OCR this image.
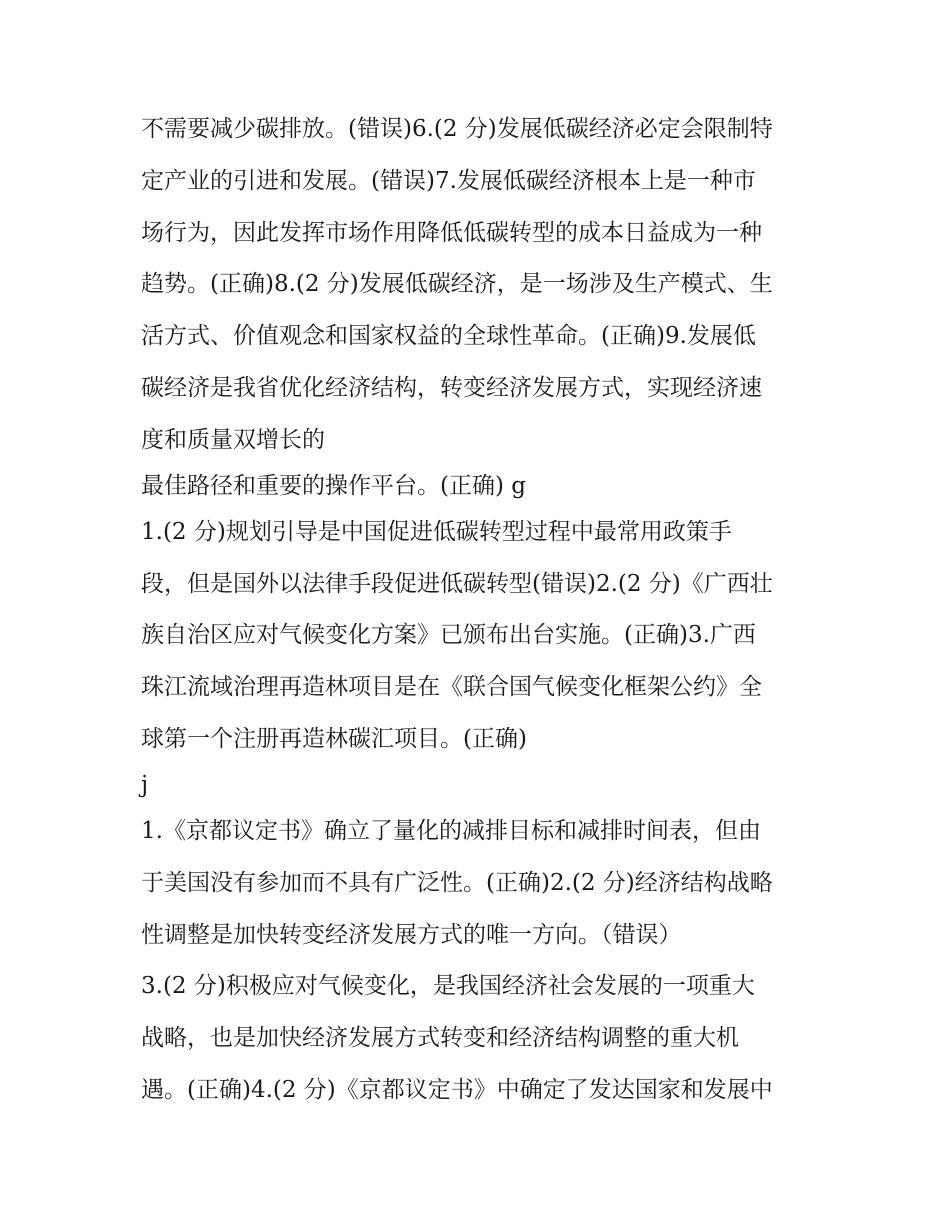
不需要减少碳排放。(错误)6.(2 分)发展低碳经济必定会限制特

定产业的引进和发展。(错误)7.发展低碳经济根本上是一种市

场行为，因此发挥市场作用降低低碳转型的成本日益成为一种

趋势。(正确)8.(2 分)发展低碳经济，是一场涉及生产模式、生

活方式、价值观念和国家权益的全球性革命。(正确)9.发展低

碳经济是我省优化经济结构，转变经济发展方式，实现经济速

度和质量双增长的

最佳路径和重要的操作平台。(正确) g

1.(2 分)规划引导是中国促进低碳转型过程中最常用政策手

段，但是国外以法律手段促进低碳转型(错误)2.(2 分)《广西壮

族自治区应对气候变化方案》已颁布出台实施。(正确)3.广西

珠江流域治理再造林项目是在《联合国气候变化框架公约》全

球第一个注册再造林碳汇项目。(正确)

j

1.《京都议定书》确立了量化的减排目标和减排时间表，但由

于美国没有参加而不具有广泛性。(正确)2.(2 分)经济结构战略

性调整是加快转变经济发展方式的唯一方向。（错误）

3.(2 分)积极应对气候变化，是我国经济社会发展的一项重大

战略，也是加快经济发展方式转变和经济结构调整的重大机

遇。(正确)4.(2 分)《京都议定书》中确定了发达国家和发展中
